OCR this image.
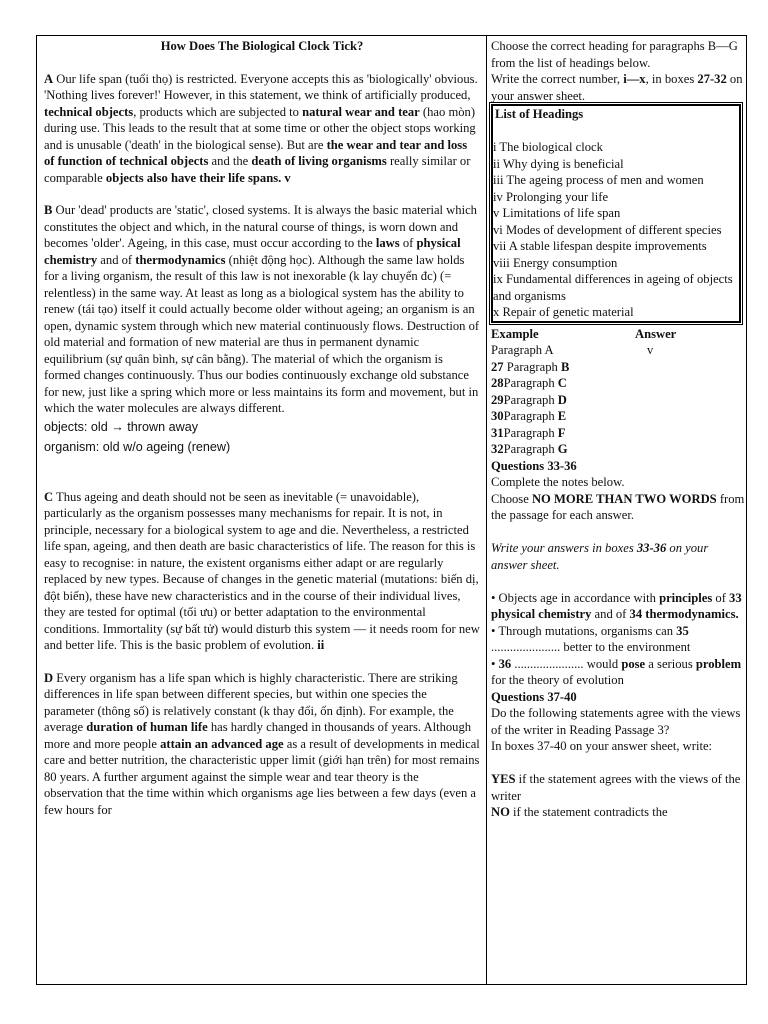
How Does The Biological Clock Tick?

A Our life span (tuổi thọ) is restricted. Everyone accepts this as 'biologically' obvious. 'Nothing lives forever!' However, in this statement, we think of artificially produced, technical objects, products which are subjected to natural wear and tear (hao mòn) during use. This leads to the result that at some time or other the object stops working and is unusable ('death' in the biological sense). But are the wear and tear and loss of function of technical objects and the death of living organisms really similar or comparable objects also have their life spans. v

B Our 'dead' products are 'static', closed systems. It is always the basic material which constitutes the object and which, in the natural course of things, is worn down and becomes 'older'. Ageing, in this case, must occur according to the laws of physical chemistry and of thermodynamics (nhiệt động học). Although the same law holds for a living organism, the result of this law is not inexorable (k lay chuyển đc) (= relentless) in the same way. At least as long as a biological system has the ability to renew (tái tạo) itself it could actually become older without ageing; an organism is an open, dynamic system through which new material continuously flows. Destruction of old material and formation of new material are thus in permanent dynamic equilibrium (sự quân bình, sự cân bằng). The material of which the organism is formed changes continuously. Thus our bodies continuously exchange old substance for new, just like a spring which more or less maintains its form and movement, but in which the water molecules are always different.

objects: old → thrown away

organism: old w/o ageing (renew)

C Thus ageing and death should not be seen as inevitable (= unavoidable), particularly as the organism possesses many mechanisms for repair. It is not, in principle, necessary for a biological system to age and die. Nevertheless, a restricted life span, ageing, and then death are basic characteristics of life. The reason for this is easy to recognise: in nature, the existent organisms either adapt or are regularly replaced by new types. Because of changes in the genetic material (mutations: biến dị, đột biến), these have new characteristics and in the course of their individual lives, they are tested for optimal (tối ưu) or better adaptation to the environmental conditions. Immortality (sự bất tử) would disturb this system — it needs room for new and better life. This is the basic problem of evolution. ii

D Every organism has a life span which is highly characteristic. There are striking differences in life span between different species, but within one species the parameter (thông số) is relatively constant (k thay đổi, ổn định). For example, the average duration of human life has hardly changed in thousands of years. Although more and more people attain an advanced age as a result of developments in medical care and better nutrition, the characteristic upper limit (giới hạn trên) for most remains 80 years. A further argument against the simple wear and tear theory is the observation that the time within which organisms age lies between a few days (even a few hours for

Choose the correct heading for paragraphs B—G from the list of headings below.

Write the correct number, i—x, in boxes 27-32 on your answer sheet.

List of Headings
i The biological clock
ii Why dying is beneficial
iii The ageing process of men and women
iv Prolonging your life
v Limitations of life span
vi Modes of development of different species
vii A stable lifespan despite improvements
viii Energy consumption
ix Fundamental differences in ageing of objects and organisms
x Repair of genetic material
Example	Answer
Paragraph A	v
27 Paragraph B
28Paragraph C
29Paragraph D
30Paragraph E
31Paragraph F
32Paragraph G

Questions 33-36

Complete the notes below.

Choose NO MORE THAN TWO WORDS from the passage for each answer.

Write your answers in boxes 33-36 on your answer sheet.

• Objects age in accordance with principles of 33 physical chemistry and of 34 thermodynamics.

• Through mutations, organisms can 35 ...................... better to the environment

• 36 ...................... would pose a serious problem for the theory of evolution

Questions 37-40

Do the following statements agree with the views of the writer in Reading Passage 3?

In boxes 37-40 on your answer sheet, write:

YES if the statement agrees with the views of the writer

NO if the statement contradicts the
